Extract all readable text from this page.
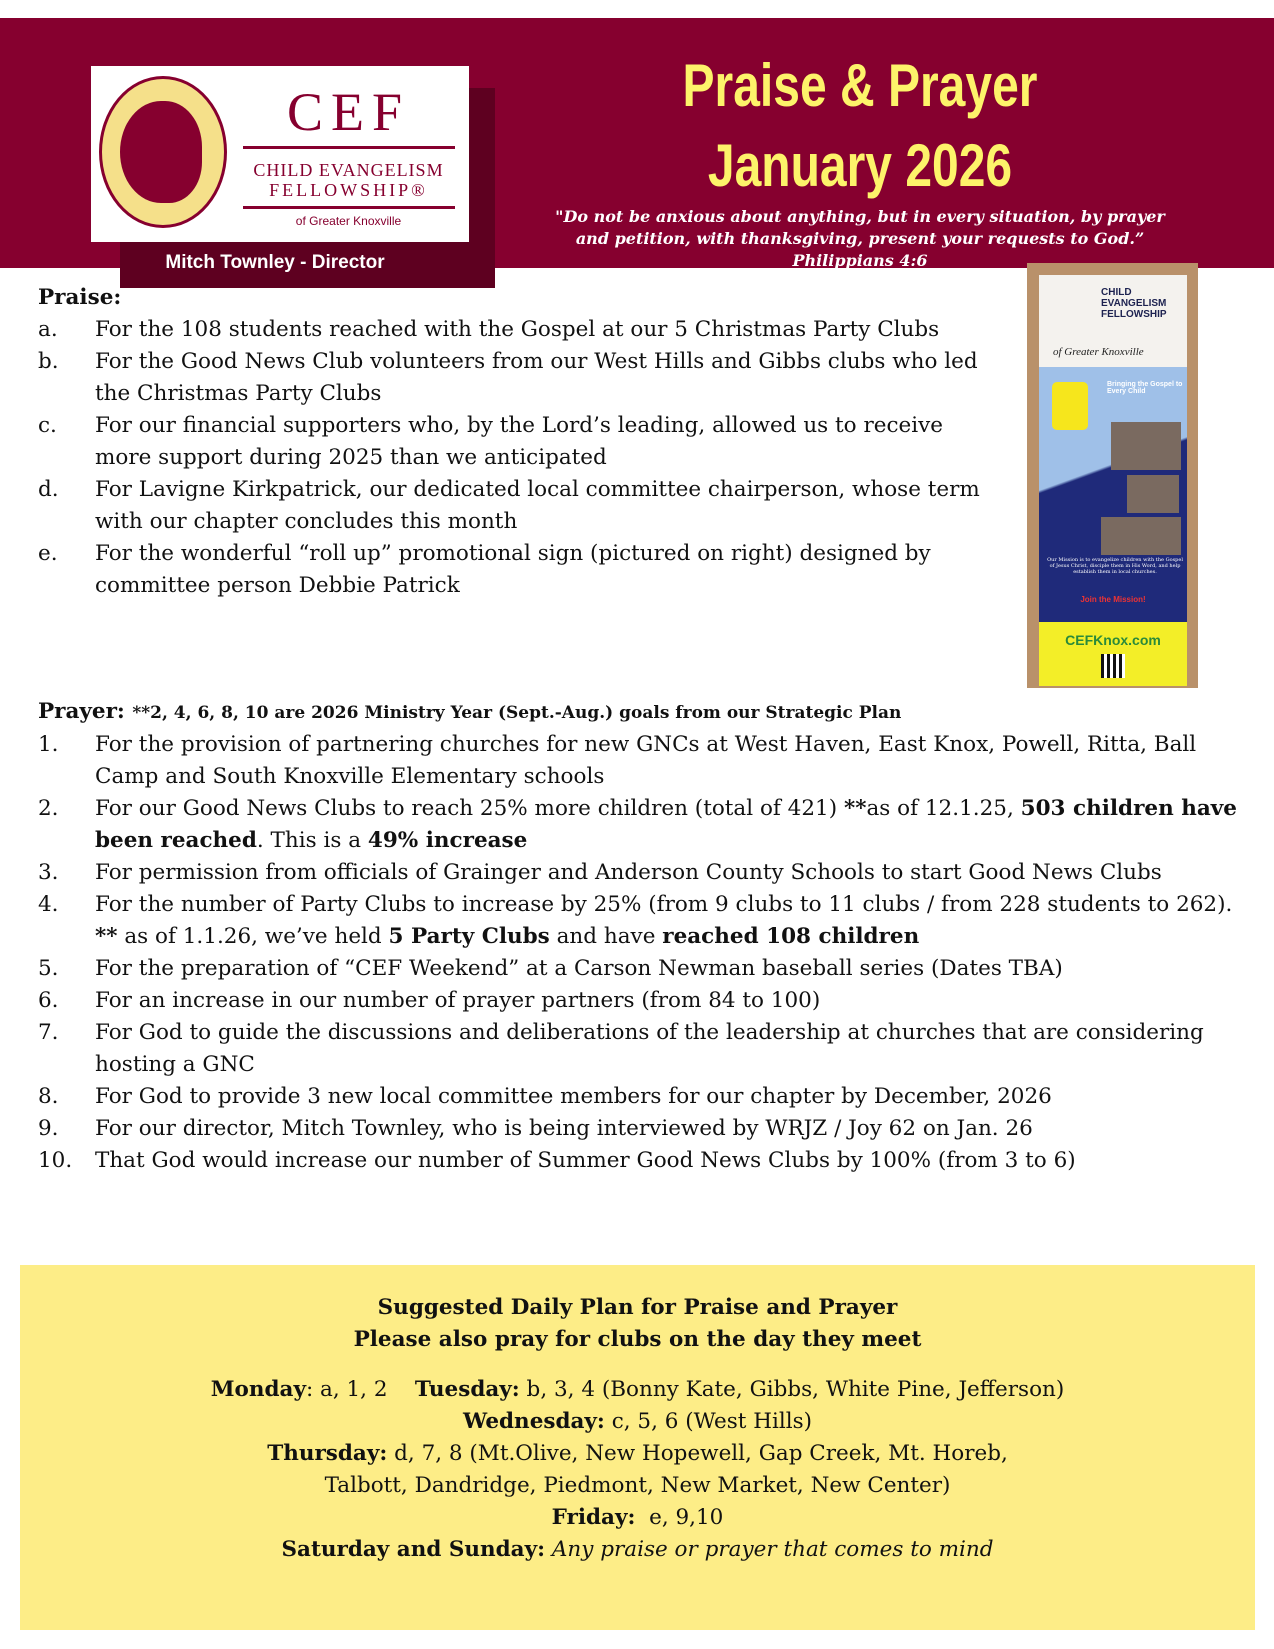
CEF
CHILD EVANGELISM
FELLOWSHIP®
of Greater Knoxville
Mitch Townley - Director
Praise & Prayer
January 2026
"Do not be anxious about anything, but in every situation, by prayer
and petition, with thanksgiving, present your requests to God.”
Philippians 4:6
CHILD EVANGELISM FELLOWSHIP
of Greater Knoxville
Bringing the Gospel to Every Child
Our Mission is to evangelize children with the Gospel of Jesus Christ, disciple them in His Word, and help establish them in local churches.
Join the Mission!
CEFKnox.com
Praise:
a.	For the 108 students reached with the Gospel at our 5 Christmas Party Clubs
b.	For the Good News Club volunteers from our West Hills and Gibbs clubs who led the Christmas Party Clubs
c.	For our financial supporters who, by the Lord’s leading, allowed us to receive more support during 2025 than we anticipated
d.	For Lavigne Kirkpatrick, our dedicated local committee chairperson, whose term with our chapter concludes this month
e.	For the wonderful “roll up” promotional sign (pictured on right) designed by committee person Debbie Patrick
Prayer: **2, 4, 6, 8, 10 are 2026 Ministry Year (Sept.-Aug.) goals from our Strategic Plan
1.	For the provision of partnering churches for new GNCs at West Haven, East Knox, Powell, Ritta, Ball Camp and South Knoxville Elementary schools
2.	For our Good News Clubs to reach 25% more children (total of 421) **as of 12.1.25, 503 children have been reached. This is a 49% increase
3.	For permission from officials of Grainger and Anderson County Schools to start Good News Clubs
4.	For the number of Party Clubs to increase by 25% (from 9 clubs to 11 clubs / from 228 students to 262). ** as of 1.1.26, we’ve held 5 Party Clubs and have reached 108 children
5.	For the preparation of “CEF Weekend” at a Carson Newman baseball series (Dates TBA)
6.	For an increase in our number of prayer partners (from 84 to 100)
7.	For God to guide the discussions and deliberations of the leadership at churches that are considering hosting a GNC
8.	For God to provide 3 new local committee members for our chapter by December, 2026
9.	For our director, Mitch Townley, who is being interviewed by WRJZ / Joy 62 on Jan. 26
10.	That God would increase our number of Summer Good News Clubs by 100% (from 3 to 6)
Suggested Daily Plan for Praise and Prayer
Please also pray for clubs on the day they meet
Monday: a, 1, 2 Tuesday: b, 3, 4 (Bonny Kate, Gibbs, White Pine, Jefferson)
Wednesday: c, 5, 6 (West Hills)
Thursday: d, 7, 8 (Mt.Olive, New Hopewell, Gap Creek, Mt. Horeb,
Talbott, Dandridge, Piedmont, New Market, New Center)
Friday:  e, 9,10
Saturday and Sunday: Any praise or prayer that comes to mind
